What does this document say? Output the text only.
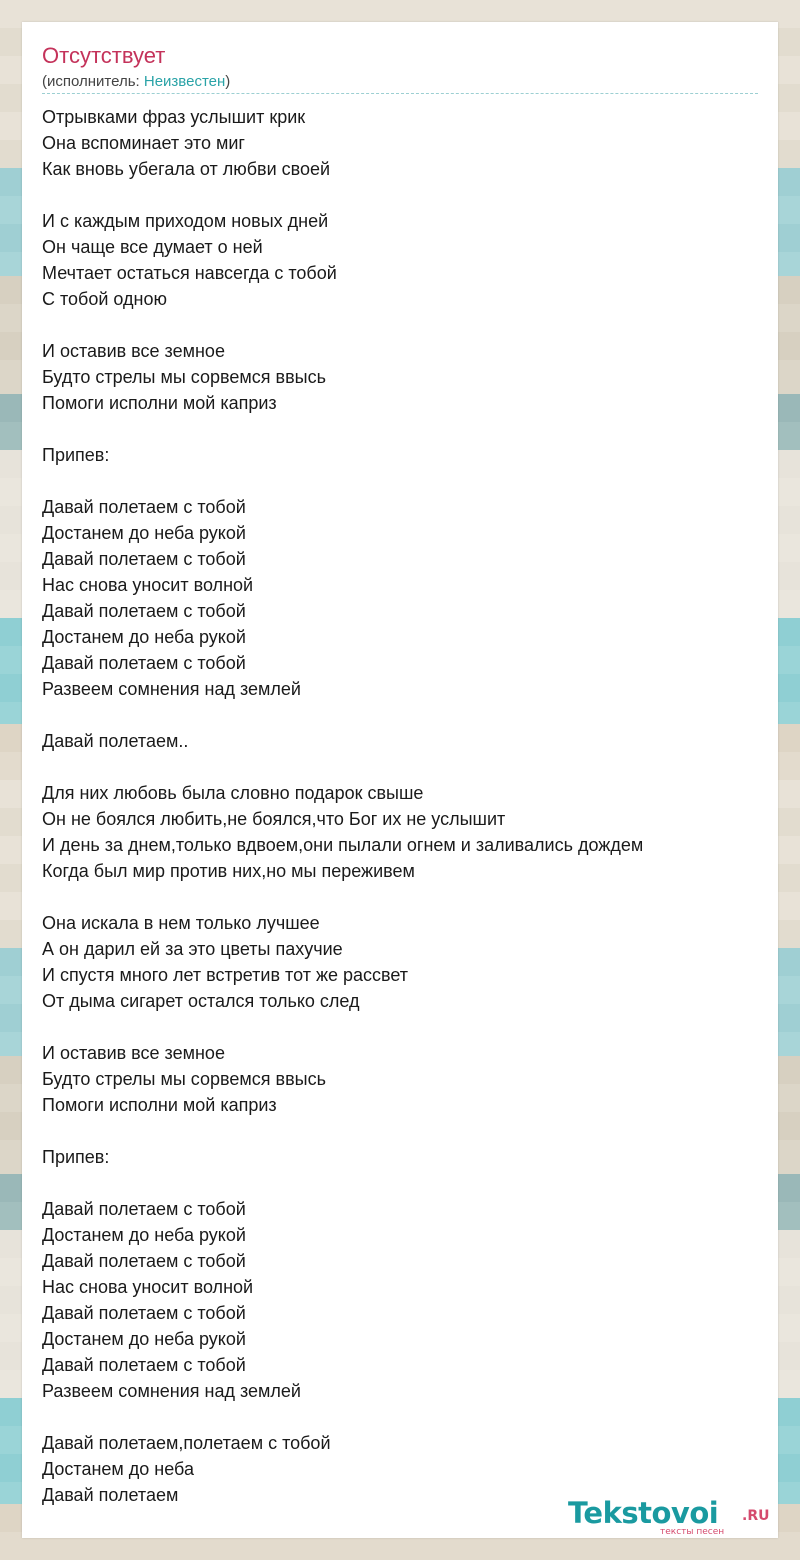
Отсутствует
(исполнитель: Неизвестен)
Отрывками фраз услышит крик
Она вспоминает это миг
Как вновь убегала от любви своей
И с каждым приходом новых дней
Он чаще все думает о ней
Мечтает остаться навсегда с тобой
С тобой одною
И оставив все земное
Будто стрелы мы сорвемся ввысь
Помоги исполни мой каприз
Припев:
Давай полетаем с тобой
Достанем до неба рукой
Давай полетаем с тобой
Нас снова уносит волной
Давай полетаем с тобой
Достанем до неба рукой
Давай полетаем с тобой
Развеем сомнения над землей
Давай полетаем..
Для них любовь была словно подарок свыше
Он не боялся любить,не боялся,что Бог их не услышит
И день за днем,только вдвоем,они пылали огнем и заливались дождем
Когда был мир против них,но мы переживем
Она искала в нем только лучшее
А он дарил ей за это цветы пахучие
И спустя много лет встретив тот же рассвет
От дыма сигарет остался только след
И оставив все земное
Будто стрелы мы сорвемся ввысь
Помоги исполни мой каприз
Припев:
Давай полетаем с тобой
Достанем до неба рукой
Давай полетаем с тобой
Нас снова уносит волной
Давай полетаем с тобой
Достанем до неба рукой
Давай полетаем с тобой
Развеем сомнения над землей
Давай полетаем,полетаем с тобой
Достанем до неба
Давай полетаем
Tekstovoi .RU
тексты песен
